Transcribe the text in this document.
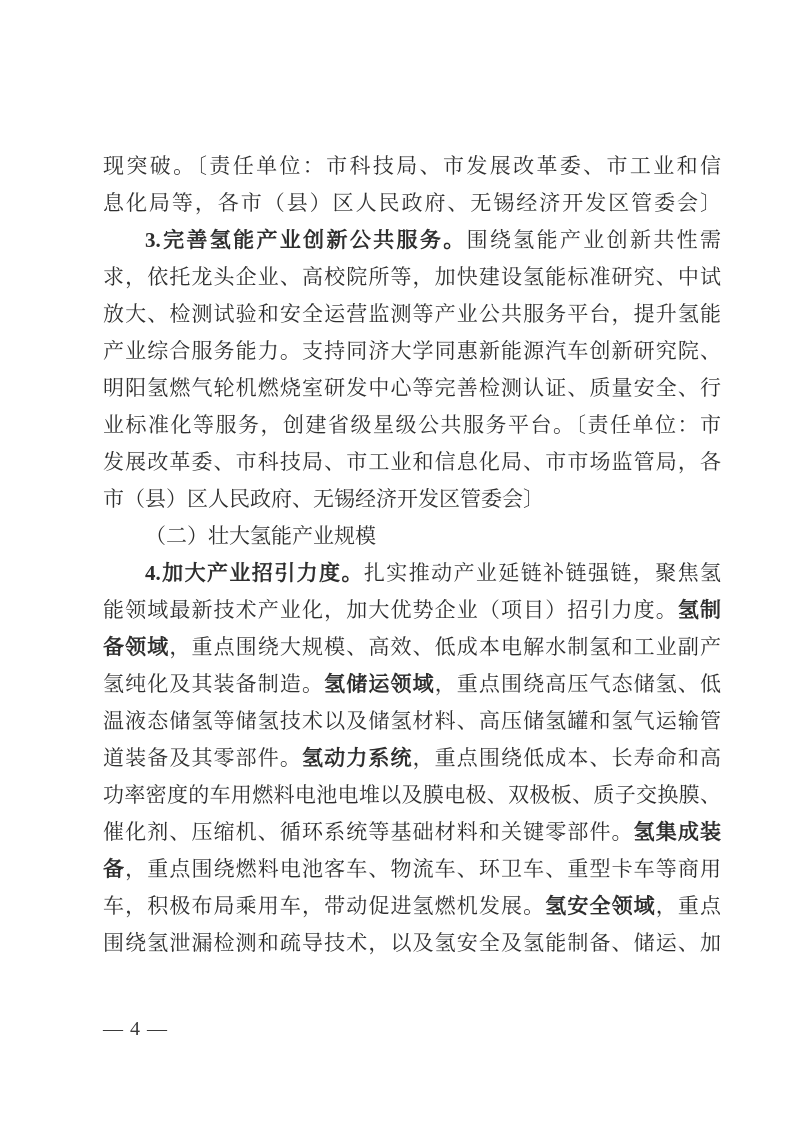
现突破。〔责任单位：市科技局、市发展改革委、市工业和信
息化局等，各市（县）区人民政府、无锡经济开发区管委会〕
3.完善氢能产业创新公共服务。围绕氢能产业创新共性需
求，依托龙头企业、高校院所等，加快建设氢能标准研究、中试
放大、检测试验和安全运营监测等产业公共服务平台，提升氢能
产业综合服务能力。支持同济大学同惠新能源汽车创新研究院、
明阳氢燃气轮机燃烧室研发中心等完善检测认证、质量安全、行
业标准化等服务，创建省级星级公共服务平台。〔责任单位：市
发展改革委、市科技局、市工业和信息化局、市市场监管局，各
市（县）区人民政府、无锡经济开发区管委会〕
（二）壮大氢能产业规模
4.加大产业招引力度。扎实推动产业延链补链强链，聚焦氢
能领域最新技术产业化，加大优势企业（项目）招引力度。氢制
备领域，重点围绕大规模、高效、低成本电解水制氢和工业副产
氢纯化及其装备制造。氢储运领域，重点围绕高压气态储氢、低
温液态储氢等储氢技术以及储氢材料、高压储氢罐和氢气运输管
道装备及其零部件。氢动力系统，重点围绕低成本、长寿命和高
功率密度的车用燃料电池电堆以及膜电极、双极板、质子交换膜、
催化剂、压缩机、循环系统等基础材料和关键零部件。氢集成装
备，重点围绕燃料电池客车、物流车、环卫车、重型卡车等商用
车，积极布局乘用车，带动促进氢燃机发展。氢安全领域，重点
围绕氢泄漏检测和疏导技术，以及氢安全及氢能制备、储运、加
— 4 —
